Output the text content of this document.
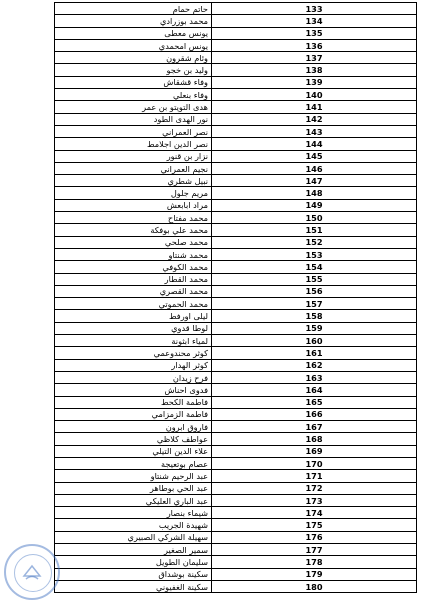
حاتم حمام	133
محمد بوزرادي	134
يونس معطى	135
يونس امحمدي	136
وئام شقرون	137
وليد بن خجو	138
وفاء قشقاش	139
وفاء بنعلي	140
هدى التويتو بن عمر	141
نور الهدى الطود	142
نصر العمراني	143
نصر الدين اجلامط	144
نزار بن قنور	145
نجيم العمراني	146
نبيل شطري	147
مريم جلول	148
مراد ابابعش	149
محمد مفتاح	150
محمد علي بوفكة	151
محمد صلحي	152
محمد شنتاو	153
محمد الكوفي	154
محمد القطار	155
محمد القصري	156
محمد الحموتي	157
ليلى اورفط	158
لوطا قدوي	159
لمياء ابثونة	160
كوثر محندوعمي	161
كوثر الهدار	162
فرح زيدان	163
فدوى احناش	164
فاطمة الكحط	165
فاطمة الزمزامي	166
فاروق ابرون	167
عواطف كلاظي	168
علاء الدين التيلي	169
عصام بوتعيجة	170
عبد الرحيم شنتاو	171
عبد الحي بوطاهر	172
عبد الباري العليكي	173
شيماء بنصار	174
شهيدة الجريب	175
سهيلة الشركي الصبيري	176
سمير الصغير	177
سليمان الطويل	178
سكينة بوشداق	179
سكينة الغفيوني	180
